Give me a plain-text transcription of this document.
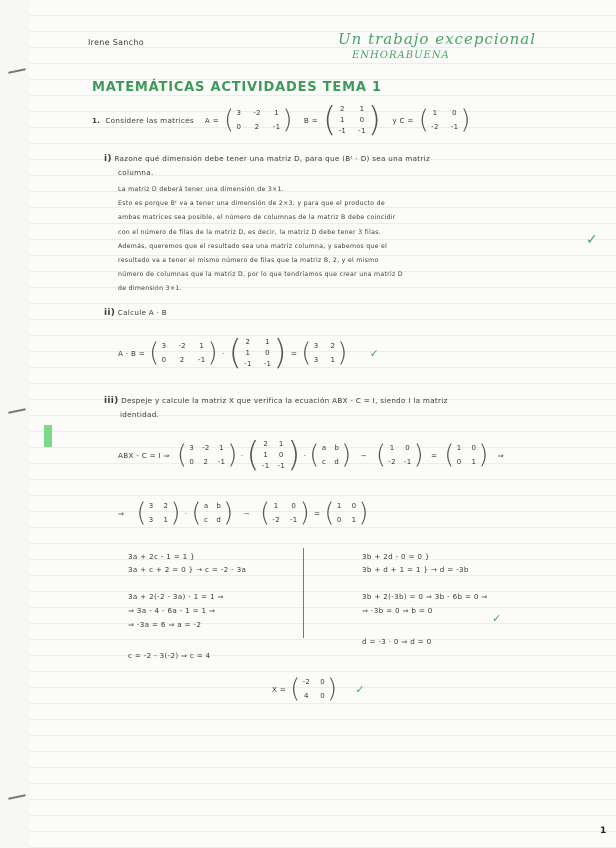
Irene Sancho	Un trabajo excepcional
ENHORABUENA
MATEMÁTICAS ACTIVIDADES TEMA 1
1. Considere las matrices A = ( 3 -2 1
0 2 -1 ) B = ( 2 1
1 0
-1 -1 ) y C = ( 1 0
-2 -1 )
i) Razone qué dimensión debe tener una matriz D, para que (Bᵗ · D) sea una matriz
columna.
La matriz D deberá tener una dimensión de 3×1.
Esto es porque Bᵗ va a tener una dimensión de 2×3, y para que el producto de
ambas matrices sea posible, el número de columnas de la matriz B debe coincidir
con el número de filas de la matriz D, es decir, la matriz D debe tener 3 filas.
Además, queremos que el resultado sea una matriz columna, y sabemos que el
resultado va a tener el mismo número de filas que la matriz B, 2, y el mismo
número de columnas que la matriz D, por lo que tendríamos que crear una matriz D
de dimensión 3×1.
✓
ii) Calcule A · B
A · B = ( 3 -2 1
0 2 -1 ) · ( 2 1
1 0
-1 -1 ) = ( 3 2
3 1 ) ✓
iii) Despeje y calcule la matriz X que verifica la ecuación ABX - C = I, siendo I la matriz
identidad.
ABX - C = I ⇒ ( 3 -2 1
0 2 -1 ) · ( 2 1
1 0
-1 -1 ) · ( a b
c d ) − ( 1 0
-2 -1 ) = ( 1 0
0 1 ) ⇒
⇒ ( 3 2
3 1 ) · ( a b
c d ) − ( 1 0
-2 -1 ) = ( 1 0
0 1 )
3a + 2c - 1 = 1 }
3a + c + 2 = 0 } → c = -2 - 3a
3a + 2(-2 - 3a) - 1 = 1 ⇒
⇒ 3a - 4 - 6a - 1 = 1 ⇒
⇒ -3a = 6 ⇒ a = -2
c = -2 - 3(-2) ⇒ c = 4
3b + 2d - 0 = 0 }
3b + d + 1 = 1 } → d = -3b
3b + 2(-3b) = 0 ⇒ 3b - 6b = 0 ⇒
⇒ -3b = 0 ⇒ b = 0
d = -3 · 0 ⇒ d = 0
✓
X = ( -2 0
4 0 ) ✓
1
